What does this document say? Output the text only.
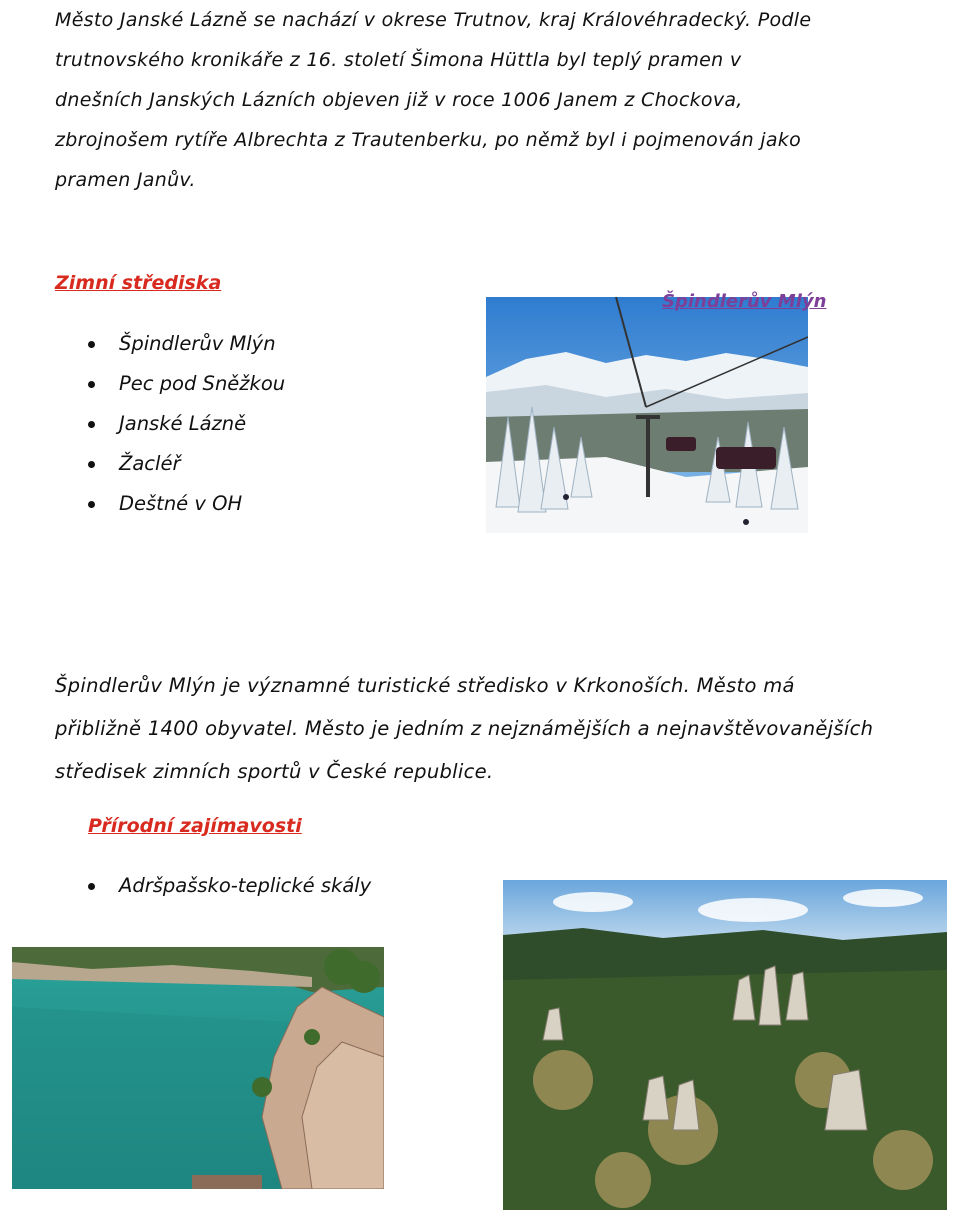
Město Janské Lázně se nachází v okrese Trutnov, kraj Královéhradecký. Podle
trutnovského kronikáře z 16. století Šimona Hüttla byl teplý pramen v
dnešních Janských Lázních objeven již v roce 1006 Janem z Chockova,
zbrojnošem rytíře Albrechta z Trautenberku, po němž byl i pojmenován jako
pramen Janův.
Zimní střediska
Špindlerův Mlýn
Pec pod Sněžkou
Janské Lázně
Žacléř
Deštné v OH
Špindlerův Mlýn
Špindlerův Mlýn je významné turistické středisko v Krkonoších. Město má
přibližně 1400 obyvatel. Město je jedním z nejznámějších a nejnavštěvovanějších
středisek zimních sportů v České republice.
Přírodní zajímavosti
Adršpašsko-teplické skály
